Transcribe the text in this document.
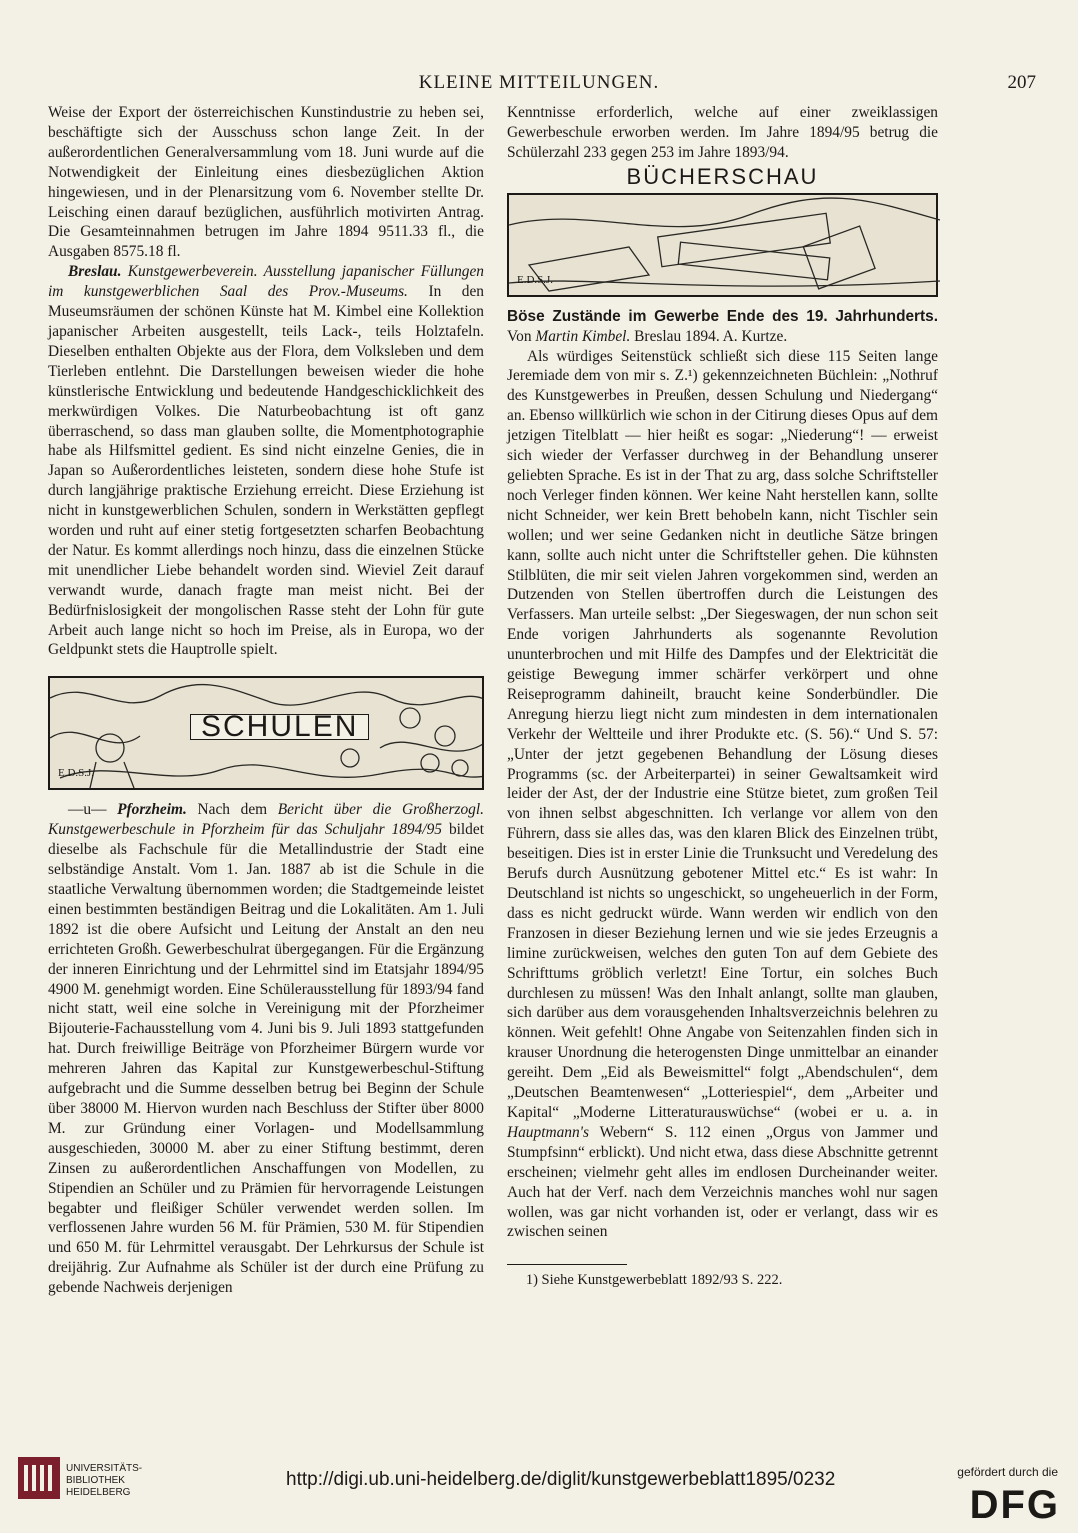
KLEINE MITTEILUNGEN.	207

Weise der Export der österreichischen Kunstindustrie zu heben sei, beschäftigte sich der Ausschuss schon lange Zeit. In der außerordentlichen Generalversammlung vom 18. Juni wurde auf die Notwendigkeit der Einleitung eines diesbezüglichen Aktion hingewiesen, und in der Plenarsitzung vom 6. November stellte Dr. Leisching einen darauf bezüglichen, ausführlich motivirten Antrag. Die Gesamteinnahmen betrugen im Jahre 1894 9511.33 fl., die Ausgaben 8575.18 fl.

Breslau. Kunstgewerbeverein. Ausstellung japanischer Füllungen im kunstgewerblichen Saal des Prov.-Museums. In den Museumsräumen der schönen Künste hat M. Kimbel eine Kollektion japanischer Arbeiten ausgestellt, teils Lack-, teils Holztafeln. Dieselben enthalten Objekte aus der Flora, dem Volksleben und dem Tierleben entlehnt. Die Darstellungen beweisen wieder die hohe künstlerische Entwicklung und bedeutende Handgeschicklichkeit des merkwürdigen Volkes. Die Naturbeobachtung ist oft ganz überraschend, so dass man glauben sollte, die Momentphotographie habe als Hilfsmittel gedient. Es sind nicht einzelne Genies, die in Japan so Außerordentliches leisteten, sondern diese hohe Stufe ist durch langjährige praktische Erziehung erreicht. Diese Erziehung ist nicht in kunstgewerblichen Schulen, sondern in Werkstätten gepflegt worden und ruht auf einer stetig fortgesetzten scharfen Beobachtung der Natur. Es kommt allerdings noch hinzu, dass die einzelnen Stücke mit unendlicher Liebe behandelt worden sind. Wieviel Zeit darauf verwandt wurde, danach fragte man meist nicht. Bei der Bedürfnislosigkeit der mongolischen Rasse steht der Lohn für gute Arbeit auch lange nicht so hoch im Preise, als in Europa, wo der Geldpunkt stets die Hauptrolle spielt.

SCHULEN
E.D.S.J.

—u— Pforzheim. Nach dem Bericht über die Großherzogl. Kunstgewerbeschule in Pforzheim für das Schuljahr 1894/95 bildet dieselbe als Fachschule für die Metallindustrie der Stadt eine selbständige Anstalt. Vom 1. Jan. 1887 ab ist die Schule in die staatliche Verwaltung übernommen worden; die Stadtgemeinde leistet einen bestimmten beständigen Beitrag und die Lokalitäten. Am 1. Juli 1892 ist die obere Aufsicht und Leitung der Anstalt an den neu errichteten Großh. Gewerbeschulrat übergegangen. Für die Ergänzung der inneren Einrichtung und der Lehrmittel sind im Etatsjahr 1894/95 4900 M. genehmigt worden. Eine Schülerausstellung für 1893/94 fand nicht statt, weil eine solche in Vereinigung mit der Pforzheimer Bijouterie-Fachausstellung vom 4. Juni bis 9. Juli 1893 stattgefunden hat. Durch freiwillige Beiträge von Pforzheimer Bürgern wurde vor mehreren Jahren das Kapital zur Kunstgewerbeschul-Stiftung aufgebracht und die Summe desselben betrug bei Beginn der Schule über 38000 M. Hiervon wurden nach Beschluss der Stifter über 8000 M. zur Gründung einer Vorlagen- und Modellsammlung ausgeschieden, 30000 M. aber zu einer Stiftung bestimmt, deren Zinsen zu außerordentlichen Anschaffungen von Modellen, zu Stipendien an Schüler und zu Prämien für hervorragende Leistungen begabter und fleißiger Schüler verwendet werden sollen. Im verflossenen Jahre wurden 56 M. für Prämien, 530 M. für Stipendien und 650 M. für Lehrmittel verausgabt. Der Lehrkursus der Schule ist dreijährig. Zur Aufnahme als Schüler ist der durch eine Prüfung zu gebende Nachweis derjenigen

Kenntnisse erforderlich, welche auf einer zweiklassigen Gewerbeschule erworben werden. Im Jahre 1894/95 betrug die Schülerzahl 233 gegen 253 im Jahre 1893/94.

BÜCHERSCHAU
E.D.S.J.

Böse Zustände im Gewerbe Ende des 19. Jahrhunderts. Von Martin Kimbel. Breslau 1894. A. Kurtze.

Als würdiges Seitenstück schließt sich diese 115 Seiten lange Jeremiade dem von mir s. Z.¹) gekennzeichneten Büchlein: „Nothruf des Kunstgewerbes in Preußen, dessen Schulung und Niedergang“ an. Ebenso willkürlich wie schon in der Citirung dieses Opus auf dem jetzigen Titelblatt — hier heißt es sogar: „Niederung“! — erweist sich wieder der Verfasser durchweg in der Behandlung unserer geliebten Sprache. Es ist in der That zu arg, dass solche Schriftsteller noch Verleger finden können. Wer keine Naht herstellen kann, sollte nicht Schneider, wer kein Brett behobeln kann, nicht Tischler sein wollen; und wer seine Gedanken nicht in deutliche Sätze bringen kann, sollte auch nicht unter die Schriftsteller gehen. Die kühnsten Stilblüten, die mir seit vielen Jahren vorgekommen sind, werden an Dutzenden von Stellen übertroffen durch die Leistungen des Verfassers. Man urteile selbst: „Der Siegeswagen, der nun schon seit Ende vorigen Jahrhunderts als sogenannte Revolution ununterbrochen und mit Hilfe des Dampfes und der Elektricität die geistige Bewegung immer schärfer verkörpert und ohne Reiseprogramm dahineilt, braucht keine Sonderbündler. Die Anregung hierzu liegt nicht zum mindesten in dem internationalen Verkehr der Weltteile und ihrer Produkte etc. (S. 56).“ Und S. 57: „Unter der jetzt gegebenen Behandlung der Lösung dieses Programms (sc. der Arbeiterpartei) in seiner Gewaltsamkeit wird leider der Ast, der der Industrie eine Stütze bietet, zum großen Teil von ihnen selbst abgeschnitten. Ich verlange vor allem von den Führern, dass sie alles das, was den klaren Blick des Einzelnen trübt, beseitigen. Dies ist in erster Linie die Trunksucht und Veredelung des Berufs durch Ausnützung gebotener Mittel etc.“ Es ist wahr: In Deutschland ist nichts so ungeschickt, so ungeheuerlich in der Form, dass es nicht gedruckt würde. Wann werden wir endlich von den Franzosen in dieser Beziehung lernen und wie sie jedes Erzeugnis a limine zurückweisen, welches den guten Ton auf dem Gebiete des Schrifttums gröblich verletzt! Eine Tortur, ein solches Buch durchlesen zu müssen! Was den Inhalt anlangt, sollte man glauben, sich darüber aus dem vorausgehenden Inhaltsverzeichnis belehren zu können. Weit gefehlt! Ohne Angabe von Seitenzahlen finden sich in krauser Unordnung die heterogensten Dinge unmittelbar an einander gereiht. Dem „Eid als Beweismittel“ folgt „Abendschulen“, dem „Deutschen Beamtenwesen“ „Lotteriespiel“, dem „Arbeiter und Kapital“ „Moderne Litteraturauswüchse“ (wobei er u. a. in Hauptmann's Webern“ S. 112 einen „Orgus von Jammer und Stumpfsinn“ erblickt). Und nicht etwa, dass diese Abschnitte getrennt erscheinen; vielmehr geht alles im endlosen Durcheinander weiter. Auch hat der Verf. nach dem Verzeichnis manches wohl nur sagen wollen, was gar nicht vorhanden ist, oder er verlangt, dass wir es zwischen seinen

1) Siehe Kunstgewerbeblatt 1892/93 S. 222.

UNIVERSITÄTS-
BIBLIOTHEK
HEIDELBERG
http://digi.ub.uni-heidelberg.de/diglit/kunstgewerbeblatt1895/0232	gefördert durch die
DFG
